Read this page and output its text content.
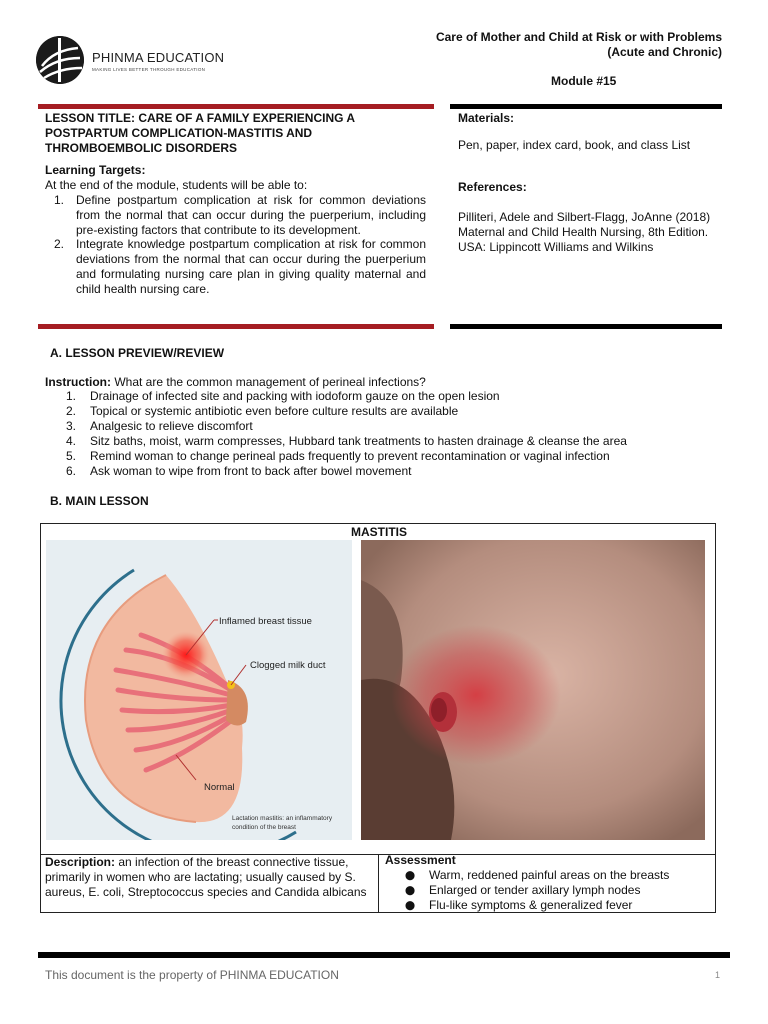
PHINMA EDUCATION
MAKING LIVES BETTER THROUGH EDUCATION
Care of Mother and Child at Risk or with Problems (Acute and Chronic)
Module #15
LESSON TITLE: CARE OF A FAMILY EXPERIENCING A POSTPARTUM COMPLICATION-MASTITIS AND THROMBOEMBOLIC DISORDERS
Learning Targets:
At the end of the module, students will be able to:
1. Define postpartum complication at risk for common deviations from the normal that can occur during the puerperium, including pre-existing factors that contribute to its development.
2. Integrate knowledge postpartum complication at risk for common deviations from the normal that can occur during the puerperium and formulating nursing care plan in giving quality maternal and child health nursing care.
Materials:
Pen, paper, index card, book, and class List
References:
Pilliteri, Adele and Silbert-Flagg, JoAnne (2018) Maternal and Child Health Nursing, 8th Edition. USA: Lippincott Williams and Wilkins
A. LESSON PREVIEW/REVIEW
Instruction: What are the common management of perineal infections?
1. Drainage of infected site and packing with iodoform gauze on the open lesion
2. Topical or systemic antibiotic even before culture results are available
3. Analgesic to relieve discomfort
4. Sitz baths, moist, warm compresses, Hubbard tank treatments to hasten drainage & cleanse the area
5. Remind woman to change perineal pads frequently to prevent recontamination or vaginal infection
6. Ask woman to wipe from front to back after bowel movement
B. MAIN LESSON
MASTITIS
Inflamed breast tissue
Clogged milk duct
Normal
Lactation mastitis: an inflammatory
condition of the breast
Description: an infection of the breast connective tissue, primarily in women who are lactating; usually caused by S. aureus, E. coli, Streptococcus species and Candida albicans
Assessment
⬤ Warm, reddened painful areas on the breasts
⬤ Enlarged or tender axillary lymph nodes
⬤ Flu-like symptoms & generalized fever
This document is the property of PHINMA EDUCATION	1
